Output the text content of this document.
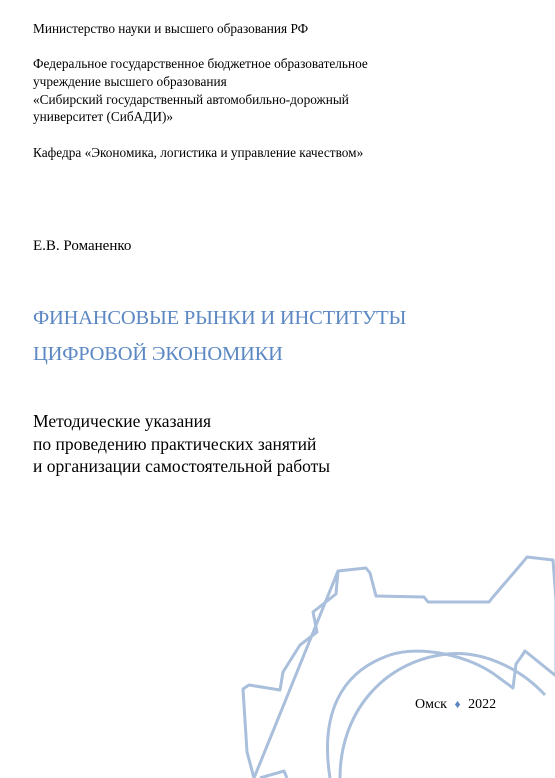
Министерство науки и высшего образования РФ
Федеральное государственное бюджетное образовательное
учреждение высшего образования
«Сибирский государственный автомобильно-дорожный
университет (СибАДИ)»
Кафедра «Экономика, логистика и управление качеством»
Е.В. Романенко
ФИНАНСОВЫЕ РЫНКИ И ИНСТИТУТЫ
ЦИФРОВОЙ ЭКОНОМИКИ
Методические указания
по проведению практических занятий
и организации самостоятельной работы
Омск ♦ 2022
